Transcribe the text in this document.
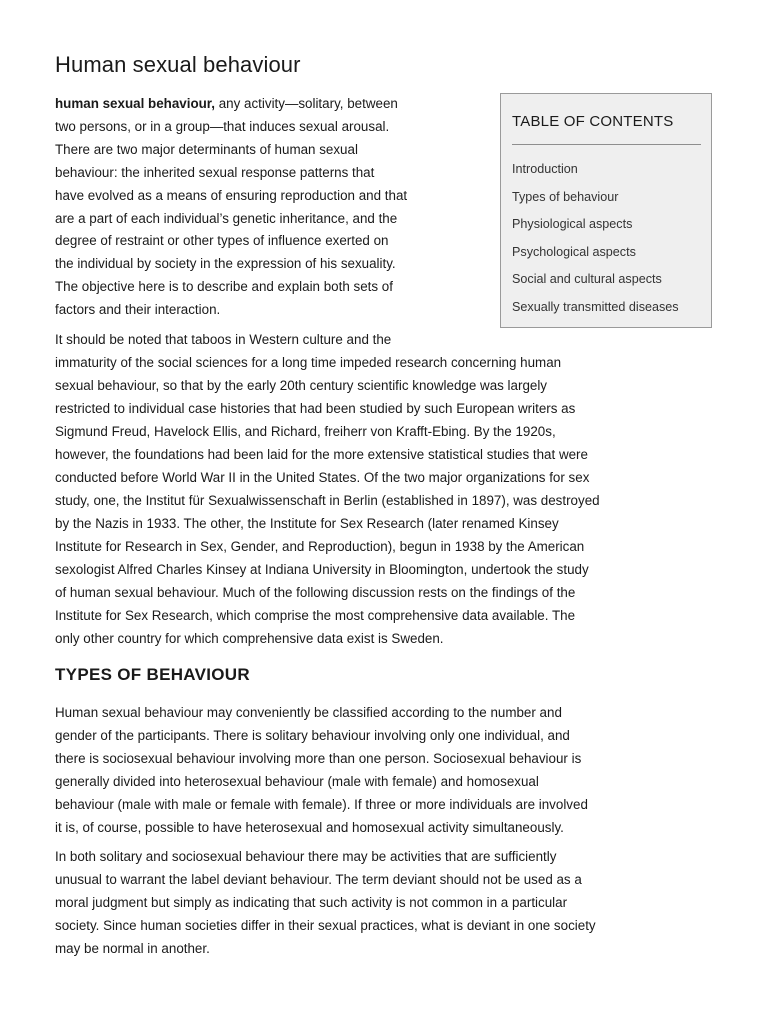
Human sexual behaviour

human sexual behaviour, any activity—solitary, between
two persons, or in a group—that induces sexual arousal.
There are two major determinants of human sexual
behaviour: the inherited sexual response patterns that
have evolved as a means of ensuring reproduction and that
are a part of each individual’s genetic inheritance, and the
degree of restraint or other types of influence exerted on
the individual by society in the expression of his sexuality.
The objective here is to describe and explain both sets of
factors and their interaction.

TABLE OF CONTENTS
Introduction
Types of behaviour
Physiological aspects
Psychological aspects
Social and cultural aspects
Sexually transmitted diseases

It should be noted that taboos in Western culture and the
immaturity of the social sciences for a long time impeded research concerning human
sexual behaviour, so that by the early 20th century scientific knowledge was largely
restricted to individual case histories that had been studied by such European writers as
Sigmund Freud, Havelock Ellis, and Richard, freiherr von Krafft-Ebing. By the 1920s,
however, the foundations had been laid for the more extensive statistical studies that were
conducted before World War II in the United States. Of the two major organizations for sex
study, one, the Institut für Sexualwissenschaft in Berlin (established in 1897), was destroyed
by the Nazis in 1933. The other, the Institute for Sex Research (later renamed Kinsey
Institute for Research in Sex, Gender, and Reproduction), begun in 1938 by the American
sexologist Alfred Charles Kinsey at Indiana University in Bloomington, undertook the study
of human sexual behaviour. Much of the following discussion rests on the findings of the
Institute for Sex Research, which comprise the most comprehensive data available. The
only other country for which comprehensive data exist is Sweden.

TYPES OF BEHAVIOUR

Human sexual behaviour may conveniently be classified according to the number and
gender of the participants. There is solitary behaviour involving only one individual, and
there is sociosexual behaviour involving more than one person. Sociosexual behaviour is
generally divided into heterosexual behaviour (male with female) and homosexual
behaviour (male with male or female with female). If three or more individuals are involved
it is, of course, possible to have heterosexual and homosexual activity simultaneously.

In both solitary and sociosexual behaviour there may be activities that are sufficiently
unusual to warrant the label deviant behaviour. The term deviant should not be used as a
moral judgment but simply as indicating that such activity is not common in a particular
society. Since human societies differ in their sexual practices, what is deviant in one society
may be normal in another.
